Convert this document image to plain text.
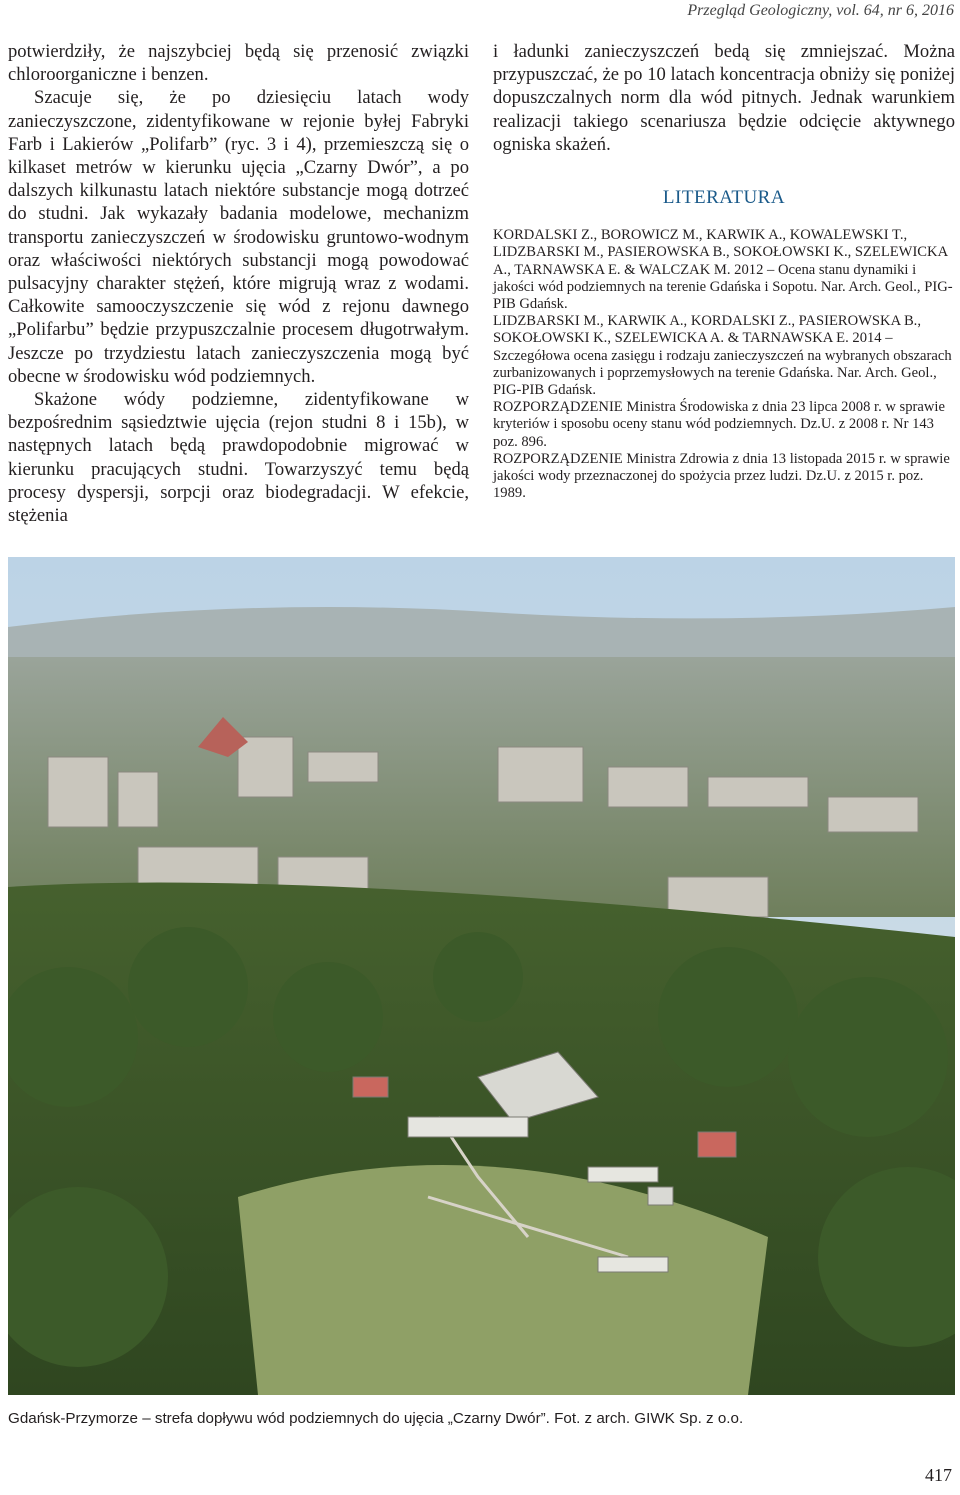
Przegląd Geologiczny, vol. 64, nr 6, 2016

potwierdziły, że najszybciej będą się przenosić związki chloroorganiczne i benzen.

Szacuje się, że po dziesięciu latach wody zanieczyszczone, zidentyfikowane w rejonie byłej Fabryki Farb i Lakierów „Polifarb” (ryc. 3 i 4), przemieszczą się o kilkaset metrów w kierunku ujęcia „Czarny Dwór”, a po dalszych kilkunastu latach niektóre substancje mogą dotrzeć do studni. Jak wykazały badania modelowe, mechanizm transportu zanieczyszczeń w środowisku gruntowo-wodnym oraz właściwości niektórych substancji mogą powodować pulsacyjny charakter stężeń, które migrują wraz z wodami. Całkowite samooczyszczenie się wód z rejonu dawnego „Polifarbu” będzie przypuszczalnie procesem długotrwałym. Jeszcze po trzydziestu latach zanieczyszczenia mogą być obecne w środowisku wód podziemnych.

Skażone wódy podziemne, zidentyfikowane w bezpośrednim sąsiedztwie ujęcia (rejon studni 8 i 15b), w następnych latach będą prawdopodobnie migrować w kierunku pracujących studni. Towarzyszyć temu będą procesy dyspersji, sorpcji oraz biodegradacji. W efekcie, stężenia

i ładunki zanieczyszczeń bedą się zmniejszać. Można przypuszczać, że po 10 latach koncentracja obniży się poniżej dopuszczalnych norm dla wód pitnych. Jednak warunkiem realizacji takiego scenariusza będzie odcięcie aktywnego ogniska skażeń.

LITERATURA

KORDALSKI Z., BOROWICZ M., KARWIK A., KOWALEWSKI T., LIDZBARSKI M., PASIEROWSKA B., SOKOŁOWSKI K., SZELEWICKA A., TARNAWSKA E. & WALCZAK M. 2012 – Ocena stanu dynamiki i jakości wód podziemnych na terenie Gdańska i Sopotu. Nar. Arch. Geol., PIG-PIB Gdańsk.

LIDZBARSKI M., KARWIK A., KORDALSKI Z., PASIEROWSKA B., SOKOŁOWSKI K., SZELEWICKA A. & TARNAWSKA E. 2014 – Szczegółowa ocena zasięgu i rodzaju zanieczyszczeń na wybranych obszarach zurbanizowanych i poprzemysłowych na terenie Gdańska. Nar. Arch. Geol., PIG-PIB Gdańsk.

ROZPORZĄDZENIE Ministra Środowiska z dnia 23 lipca 2008 r. w sprawie kryteriów i sposobu oceny stanu wód podziemnych. Dz.U. z 2008 r. Nr 143 poz. 896.

ROZPORZĄDZENIE Ministra Zdrowia z dnia 13 listopada 2015 r. w sprawie jakości wody przeznaczonej do spożycia przez ludzi. Dz.U. z 2015 r. poz. 1989.

Gdańsk-Przymorze – strefa dopływu wód podziemnych do ujęcia „Czarny Dwór”. Fot. z arch. GIWK Sp. z o.o.
417
